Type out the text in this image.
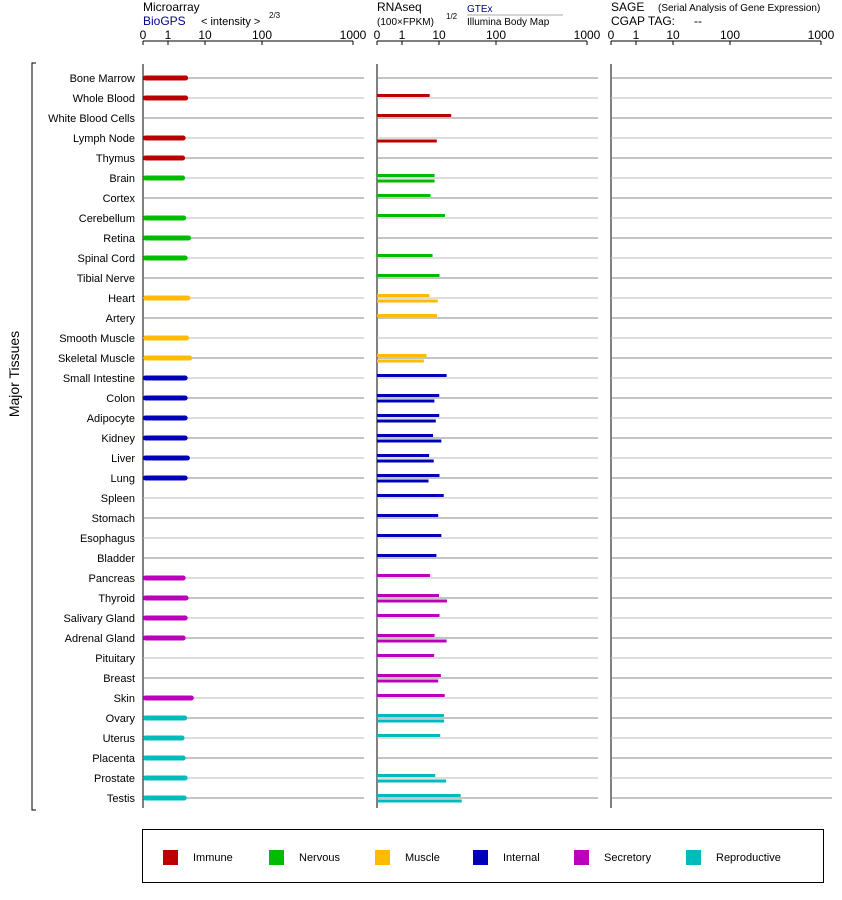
Major Tissues
Bone Marrow
Whole Blood
White Blood Cells
Lymph Node
Thymus
Brain
Cortex
Cerebellum
Retina
Spinal Cord
Tibial Nerve
Heart
Artery
Smooth Muscle
Skeletal Muscle
Small Intestine
Colon
Adipocyte
Kidney
Liver
Lung
Spleen
Stomach
Esophagus
Bladder
Pancreas
Thyroid
Salivary Gland
Adrenal Gland
Pituitary
Breast
Skin
Ovary
Uterus
Placenta
Prostate
Testis
Microarray
BioGPS < intensity >
2/3
0 1 10	100	1000
RNAseq
(100×FPKM)
1/2
GTEx
Illumina Body Map
0 1 10	100	1000
SAGE (Serial Analysis of Gene Expression)
CGAP TAG: --
0 1 10	100	1000
Immune	Nervous	Muscle	Internal	Secretory	Reproductive
